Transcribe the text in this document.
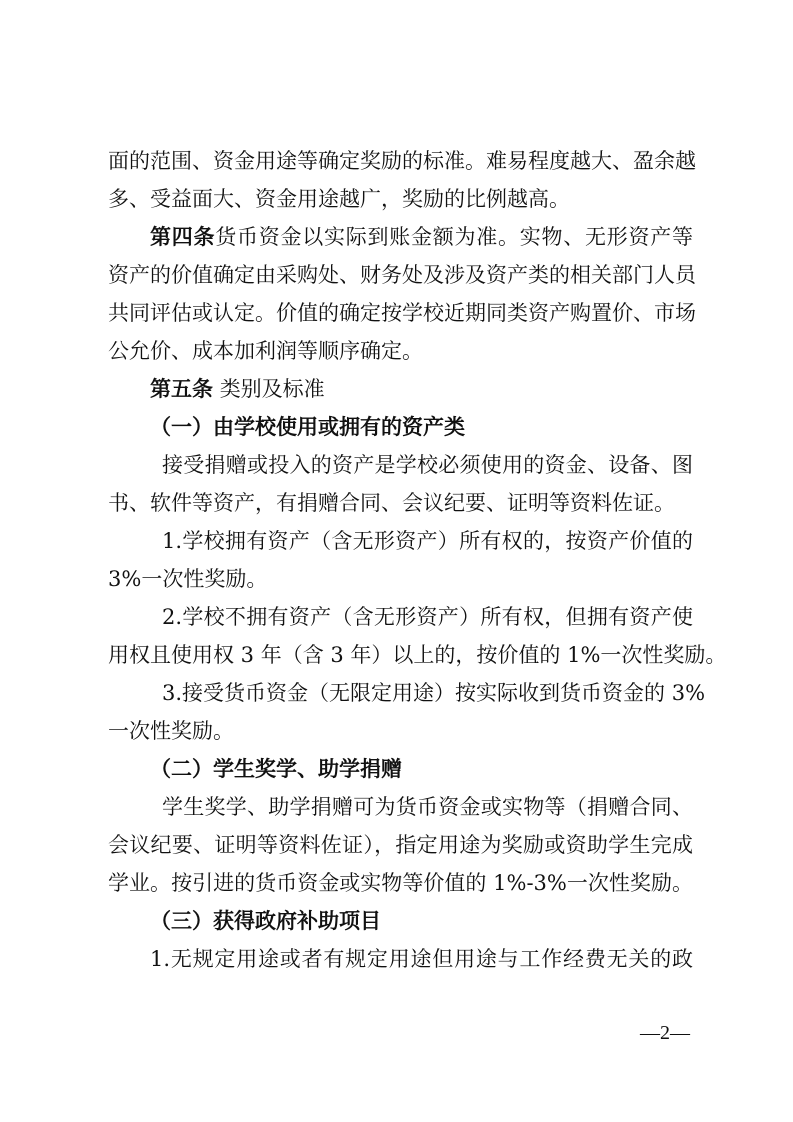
面的范围、资金用途等确定奖励的标准。难易程度越大、盈余越
多、受益面大、资金用途越广，奖励的比例越高。
第四条货币资金以实际到账金额为准。实物、无形资产等
资产的价值确定由采购处、财务处及涉及资产类的相关部门人员
共同评估或认定。价值的确定按学校近期同类资产购置价、市场
公允价、成本加利润等顺序确定。
第五条 类别及标准
（一）由学校使用或拥有的资产类
接受捐赠或投入的资产是学校必须使用的资金、设备、图
书、软件等资产，有捐赠合同、会议纪要、证明等资料佐证。
1.学校拥有资产（含无形资产）所有权的，按资产价值的
3%一次性奖励。
2.学校不拥有资产（含无形资产）所有权，但拥有资产使
用权且使用权 3 年（含 3 年）以上的，按价值的 1%一次性奖励。
3.接受货币资金（无限定用途）按实际收到货币资金的 3%
一次性奖励。
（二）学生奖学、助学捐赠
学生奖学、助学捐赠可为货币资金或实物等（捐赠合同、
会议纪要、证明等资料佐证），指定用途为奖励或资助学生完成
学业。按引进的货币资金或实物等价值的 1%-3%一次性奖励。
（三）获得政府补助项目
1.无规定用途或者有规定用途但用途与工作经费无关的政
—2—
